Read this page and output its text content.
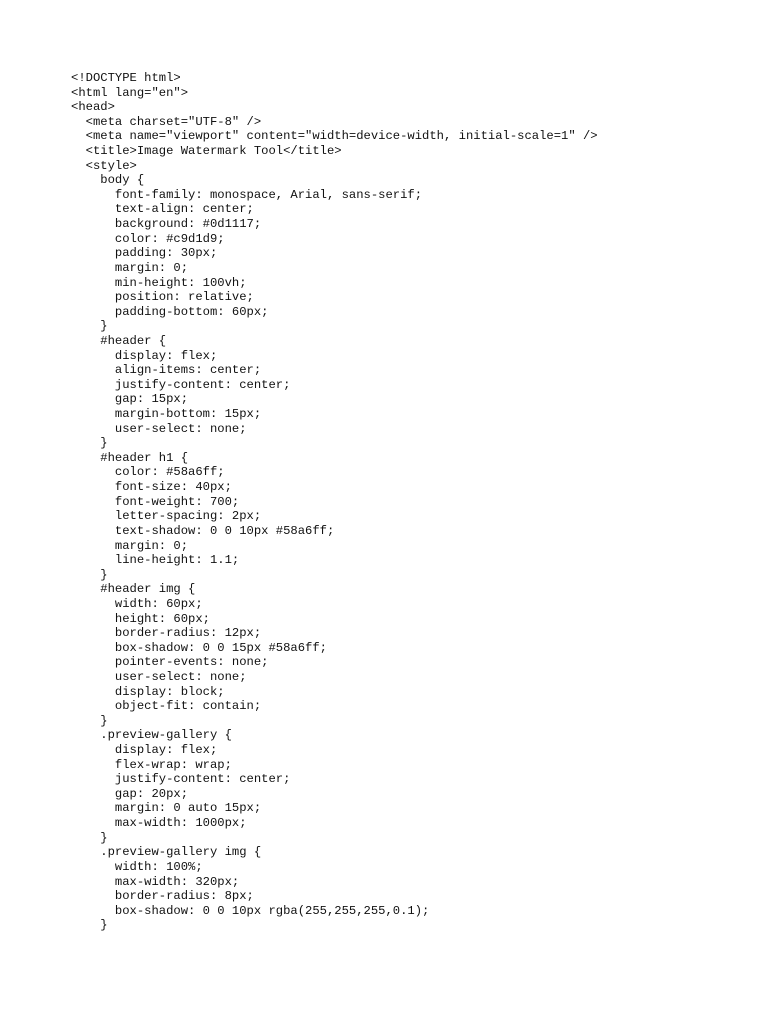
<!DOCTYPE html>
<html lang="en">
<head>
<meta charset="UTF-8" />
<meta name="viewport" content="width=device-width, initial-scale=1" />
<title>Image Watermark Tool</title>
<style>
body {
font-family: monospace, Arial, sans-serif;
text-align: center;
background: #0d1117;
color: #c9d1d9;
padding: 30px;
margin: 0;
min-height: 100vh;
position: relative;
padding-bottom: 60px;
}
#header {
display: flex;
align-items: center;
justify-content: center;
gap: 15px;
margin-bottom: 15px;
user-select: none;
}
#header h1 {
color: #58a6ff;
font-size: 40px;
font-weight: 700;
letter-spacing: 2px;
text-shadow: 0 0 10px #58a6ff;
margin: 0;
line-height: 1.1;
}
#header img {
width: 60px;
height: 60px;
border-radius: 12px;
box-shadow: 0 0 15px #58a6ff;
pointer-events: none;
user-select: none;
display: block;
object-fit: contain;
}
.preview-gallery {
display: flex;
flex-wrap: wrap;
justify-content: center;
gap: 20px;
margin: 0 auto 15px;
max-width: 1000px;
}
.preview-gallery img {
width: 100%;
max-width: 320px;
border-radius: 8px;
box-shadow: 0 0 10px rgba(255,255,255,0.1);
}
